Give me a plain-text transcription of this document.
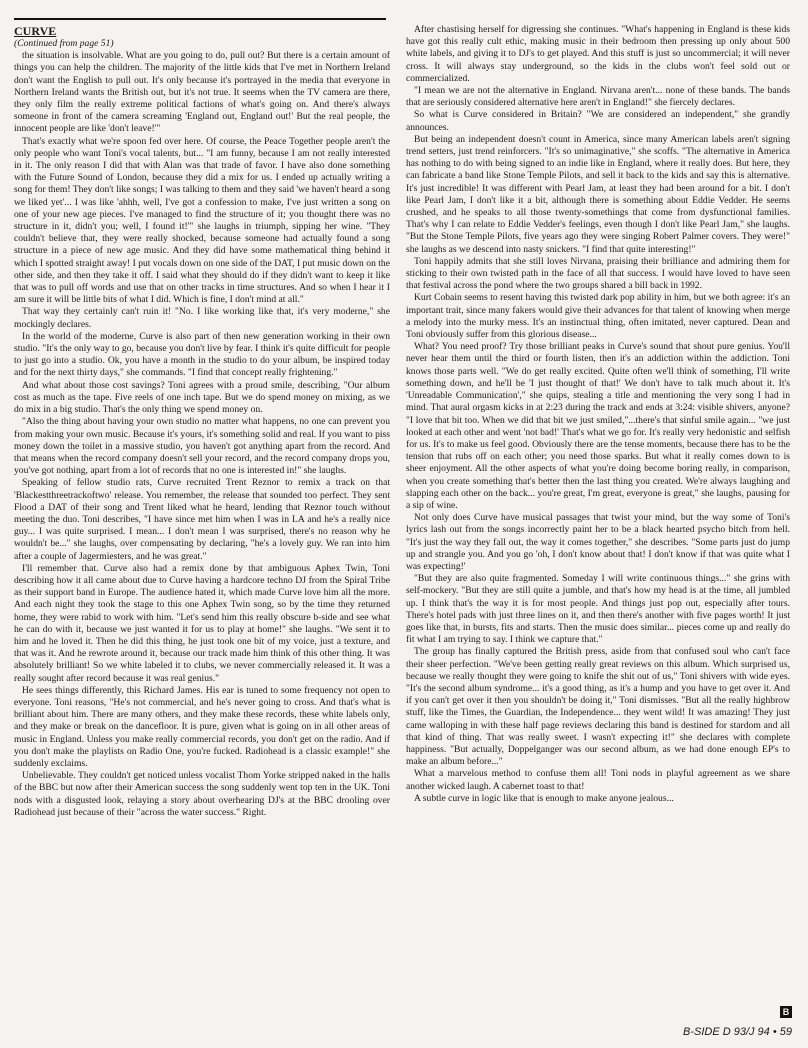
CURVE

(Continued from page 51)

the situation is insolvable. What are you going to do, pull out? But there is a certain amount of things you can help the children. The majority of the little kids that I've met in Northern Ireland don't want the English to pull out. It's only because it's portrayed in the media that everyone in Northern Ireland wants the British out, but it's not true. It seems when the TV camera are there, they only film the really extreme political factions of what's going on. And there's always someone in front of the camera screaming 'England out, England out!' But the real people, the innocent people are like 'don't leave!'"

That's exactly what we're spoon fed over here. Of course, the Peace Together people aren't the only people who want Toni's vocal talents, but... "I am funny, because I am not really interested in it. The only reason I did that with Alan was that trade of favor. I have also done something with the Future Sound of London, because they did a mix for us. I ended up actually writing a song for them! They don't like songs; I was talking to them and they said 'we haven't heard a song we liked yet'... I was like 'ahhh, well, I've got a confession to make, I've just written a song on one of your new age pieces. I've managed to find the structure of it; you thought there was no structure in it, didn't you; well, I found it!'" she laughs in triumph, sipping her wine. "They couldn't believe that, they were really shocked, because someone had actually found a song structure in a piece of new age music. And they did have some mathematical thing behind it which I spotted straight away! I put vocals down on one side of the DAT, I put music down on the other side, and then they take it off. I said what they should do if they didn't want to keep it like that was to pull off words and use that on other tracks in time structures. And so when I hear it I am sure it will be little bits of what I did. Which is fine, I don't mind at all."

That way they certainly can't ruin it! "No. I like working like that, it's very moderne," she mockingly declares.

In the world of the moderne, Curve is also part of then new generation working in their own studio. "It's the only way to go, because you don't live by fear. I think it's quite difficult for people to just go into a studio. Ok, you have a month in the studio to do your album, be inspired today and for the next thirty days," she commands. "I find that concept really frightening."

And what about those cost savings? Toni agrees with a proud smile, describing, "Our album cost as much as the tape. Five reels of one inch tape. But we do spend money on mixing, as we do mix in a big studio. That's the only thing we spend money on.

"Also the thing about having your own studio no matter what happens, no one can prevent you from making your own music. Because it's yours, it's something solid and real. If you want to piss money down the toilet in a massive studio, you haven't got anything apart from the record. And that means when the record company doesn't sell your record, and the record company drops you, you've got nothing, apart from a lot of records that no one is interested in!" she laughs.

Speaking of fellow studio rats, Curve recruited Trent Reznor to remix a track on that 'Blackestthreetrackoftwo' release. You remember, the release that sounded too perfect. They sent Flood a DAT of their song and Trent liked what he heard, lending that Reznor touch without meeting the duo. Toni describes, "I have since met him when I was in LA and he's a really nice guy... I was quite surprised. I mean... I don't mean I was surprised, there's no reason why he wouldn't be..." she laughs, over compensating by declaring, "he's a lovely guy. We ran into him after a couple of Jagermiesters, and he was great."

I'll remember that. Curve also had a remix done by that ambiguous Aphex Twin, Toni describing how it all came about due to Curve having a hardcore techno DJ from the Spiral Tribe as their support band in Europe. The audience hated it, which made Curve love him all the more. And each night they took the stage to this one Aphex Twin song, so by the time they returned home, they were rabid to work with him. "Let's send him this really obscure b-side and see what he can do with it, because we just wanted it for us to play at home!" she laughs. "We sent it to him and he loved it. Then he did this thing, he just took one bit of my voice, just a texture, and that was it. And he rewrote around it, because our track made him think of this other thing. It was absolutely brilliant! So we white labeled it to clubs, we never commercially released it. It was a really sought after record because it was real genius."

He sees things differently, this Richard James. His ear is tuned to some frequency not open to everyone. Toni reasons, "He's not commercial, and he's never going to cross. And that's what is brilliant about him. There are many others, and they make these records, these white labels only, and they make or break on the dancefloor. It is pure, given what is going on in all other areas of music in England. Unless you make really commercial records, you don't get on the radio. And if you don't make the playlists on Radio One, you're fucked. Radiohead is a classic example!" she suddenly exclaims.

Unbelievable. They couldn't get noticed unless vocalist Thom Yorke stripped naked in the halls of the BBC but now after their American success the song suddenly went top ten in the UK. Toni nods with a disgusted look, relaying a story about overhearing DJ's at the BBC drooling over Radiohead just because of their "across the water success." Right.

After chastising herself for digressing she continues. "What's happening in England is these kids have got this really cult ethic, making music in their bedroom then pressing up only about 500 white labels, and giving it to DJ's to get played. And this stuff is just so uncommercial; it will never cross. It will always stay underground, so the kids in the clubs won't feel sold out or commercialized.

"I mean we are not the alternative in England. Nirvana aren't... none of these bands. The bands that are seriously considered alternative here aren't in England!" she fiercely declares.

So what is Curve considered in Britain? "We are considered an independent," she grandly announces.

But being an independent doesn't count in America, since many American labels aren't signing trend setters, just trend reinforcers. "It's so unimaginative," she scoffs. "The alternative in America has nothing to do with being signed to an indie like in England, where it really does. But here, they can fabricate a band like Stone Temple Pilots, and sell it back to the kids and say this is alternative. It's just incredible! It was different with Pearl Jam, at least they had been around for a bit. I don't like Pearl Jam, I don't like it a bit, although there is something about Eddie Vedder. He seems crushed, and he speaks to all those twenty-somethings that come from dysfunctional families. That's why I can relate to Eddie Vedder's feelings, even though I don't like Pearl Jam," she laughs. "But the Stone Temple Pilots, five years ago they were singing Robert Palmer covers. They were!" she laughs as we descend into nasty snickers. "I find that quite interesting!"

Toni happily admits that she still loves Nirvana, praising their brilliance and admiring them for sticking to their own twisted path in the face of all that success. I would have loved to have seen that festival across the pond where the two groups shared a bill back in 1992.

Kurt Cobain seems to resent having this twisted dark pop ability in him, but we both agree: it's an important trait, since many fakers would give their advances for that talent of knowing when merge a melody into the murky mess. It's an instinctual thing, often imitated, never captured. Dean and Toni obviously suffer from this glorious disease...

What? You need proof? Try those brilliant peaks in Curve's sound that shout pure genius. You'll never hear them until the third or fourth listen, then it's an addiction within the addiction. Toni knows those parts well. "We do get really excited. Quite often we'll think of something, I'll write something down, and he'll be 'I just thought of that!' We don't have to talk much about it. It's 'Unreadable Communication'," she quips, stealing a title and mentioning the very song I had in mind. That aural orgasm kicks in at 2:23 during the track and ends at 3:24: visible shivers, anyone? "I love that bit too. When we did that bit we just smiled,"...there's that sinful smile again... "we just looked at each other and went 'not bad!' That's what we go for. It's really very hedonistic and selfish for us. It's to make us feel good. Obviously there are the tense moments, because there has to be the tension that rubs off on each other; you need those sparks. But what it really comes down to is sheer enjoyment. All the other aspects of what you're doing become boring really, in comparison, when you create something that's better then the last thing you created. We're always laughing and slapping each other on the back... you're great, I'm great, everyone is great," she laughs, pausing for a sip of wine.

Not only does Curve have musical passages that twist your mind, but the way some of Toni's lyrics lash out from the songs incorrectly paint her to be a black hearted psycho bitch from hell. "It's just the way they fall out, the way it comes together," she describes. "Some parts just do jump up and strangle you. And you go 'oh, I don't know about that! I don't know if that was quite what I was expecting!'

"But they are also quite fragmented. Someday I will write continuous things..." she grins with self-mockery. "But they are still quite a jumble, and that's how my head is at the time, all jumbled up. I think that's the way it is for most people. And things just pop out, especially after tours. There's hotel pads with just three lines on it, and then there's another with five pages worth! It just goes like that, in bursts, fits and starts. Then the music does similar... pieces come up and really do fit what I am trying to say. I think we capture that."

The group has finally captured the British press, aside from that confused soul who can't face their sheer perfection. "We've been getting really great reviews on this album. Which surprised us, because we really thought they were going to knife the shit out of us," Toni shivers with wide eyes. "It's the second album syndrome... it's a good thing, as it's a hump and you have to get over it. And if you can't get over it then you shouldn't be doing it," Toni dismisses. "But all the really highbrow stuff, like the Times, the Guardian, the Independence... they went wild! It was amazing! They just came walloping in with these half page reviews declaring this band is destined for stardom and all that kind of thing. That was really sweet. I wasn't expecting it!" she declares with complete happiness. "But actually, Doppelganger was our second album, as we had done enough EP's to make an album before..."

What a marvelous method to confuse them all! Toni nods in playful agreement as we share another wicked laugh. A cabernet toast to that!

A subtle curve in logic like that is enough to make anyone jealous...

B
B-SIDE D 93/J 94 • 59
